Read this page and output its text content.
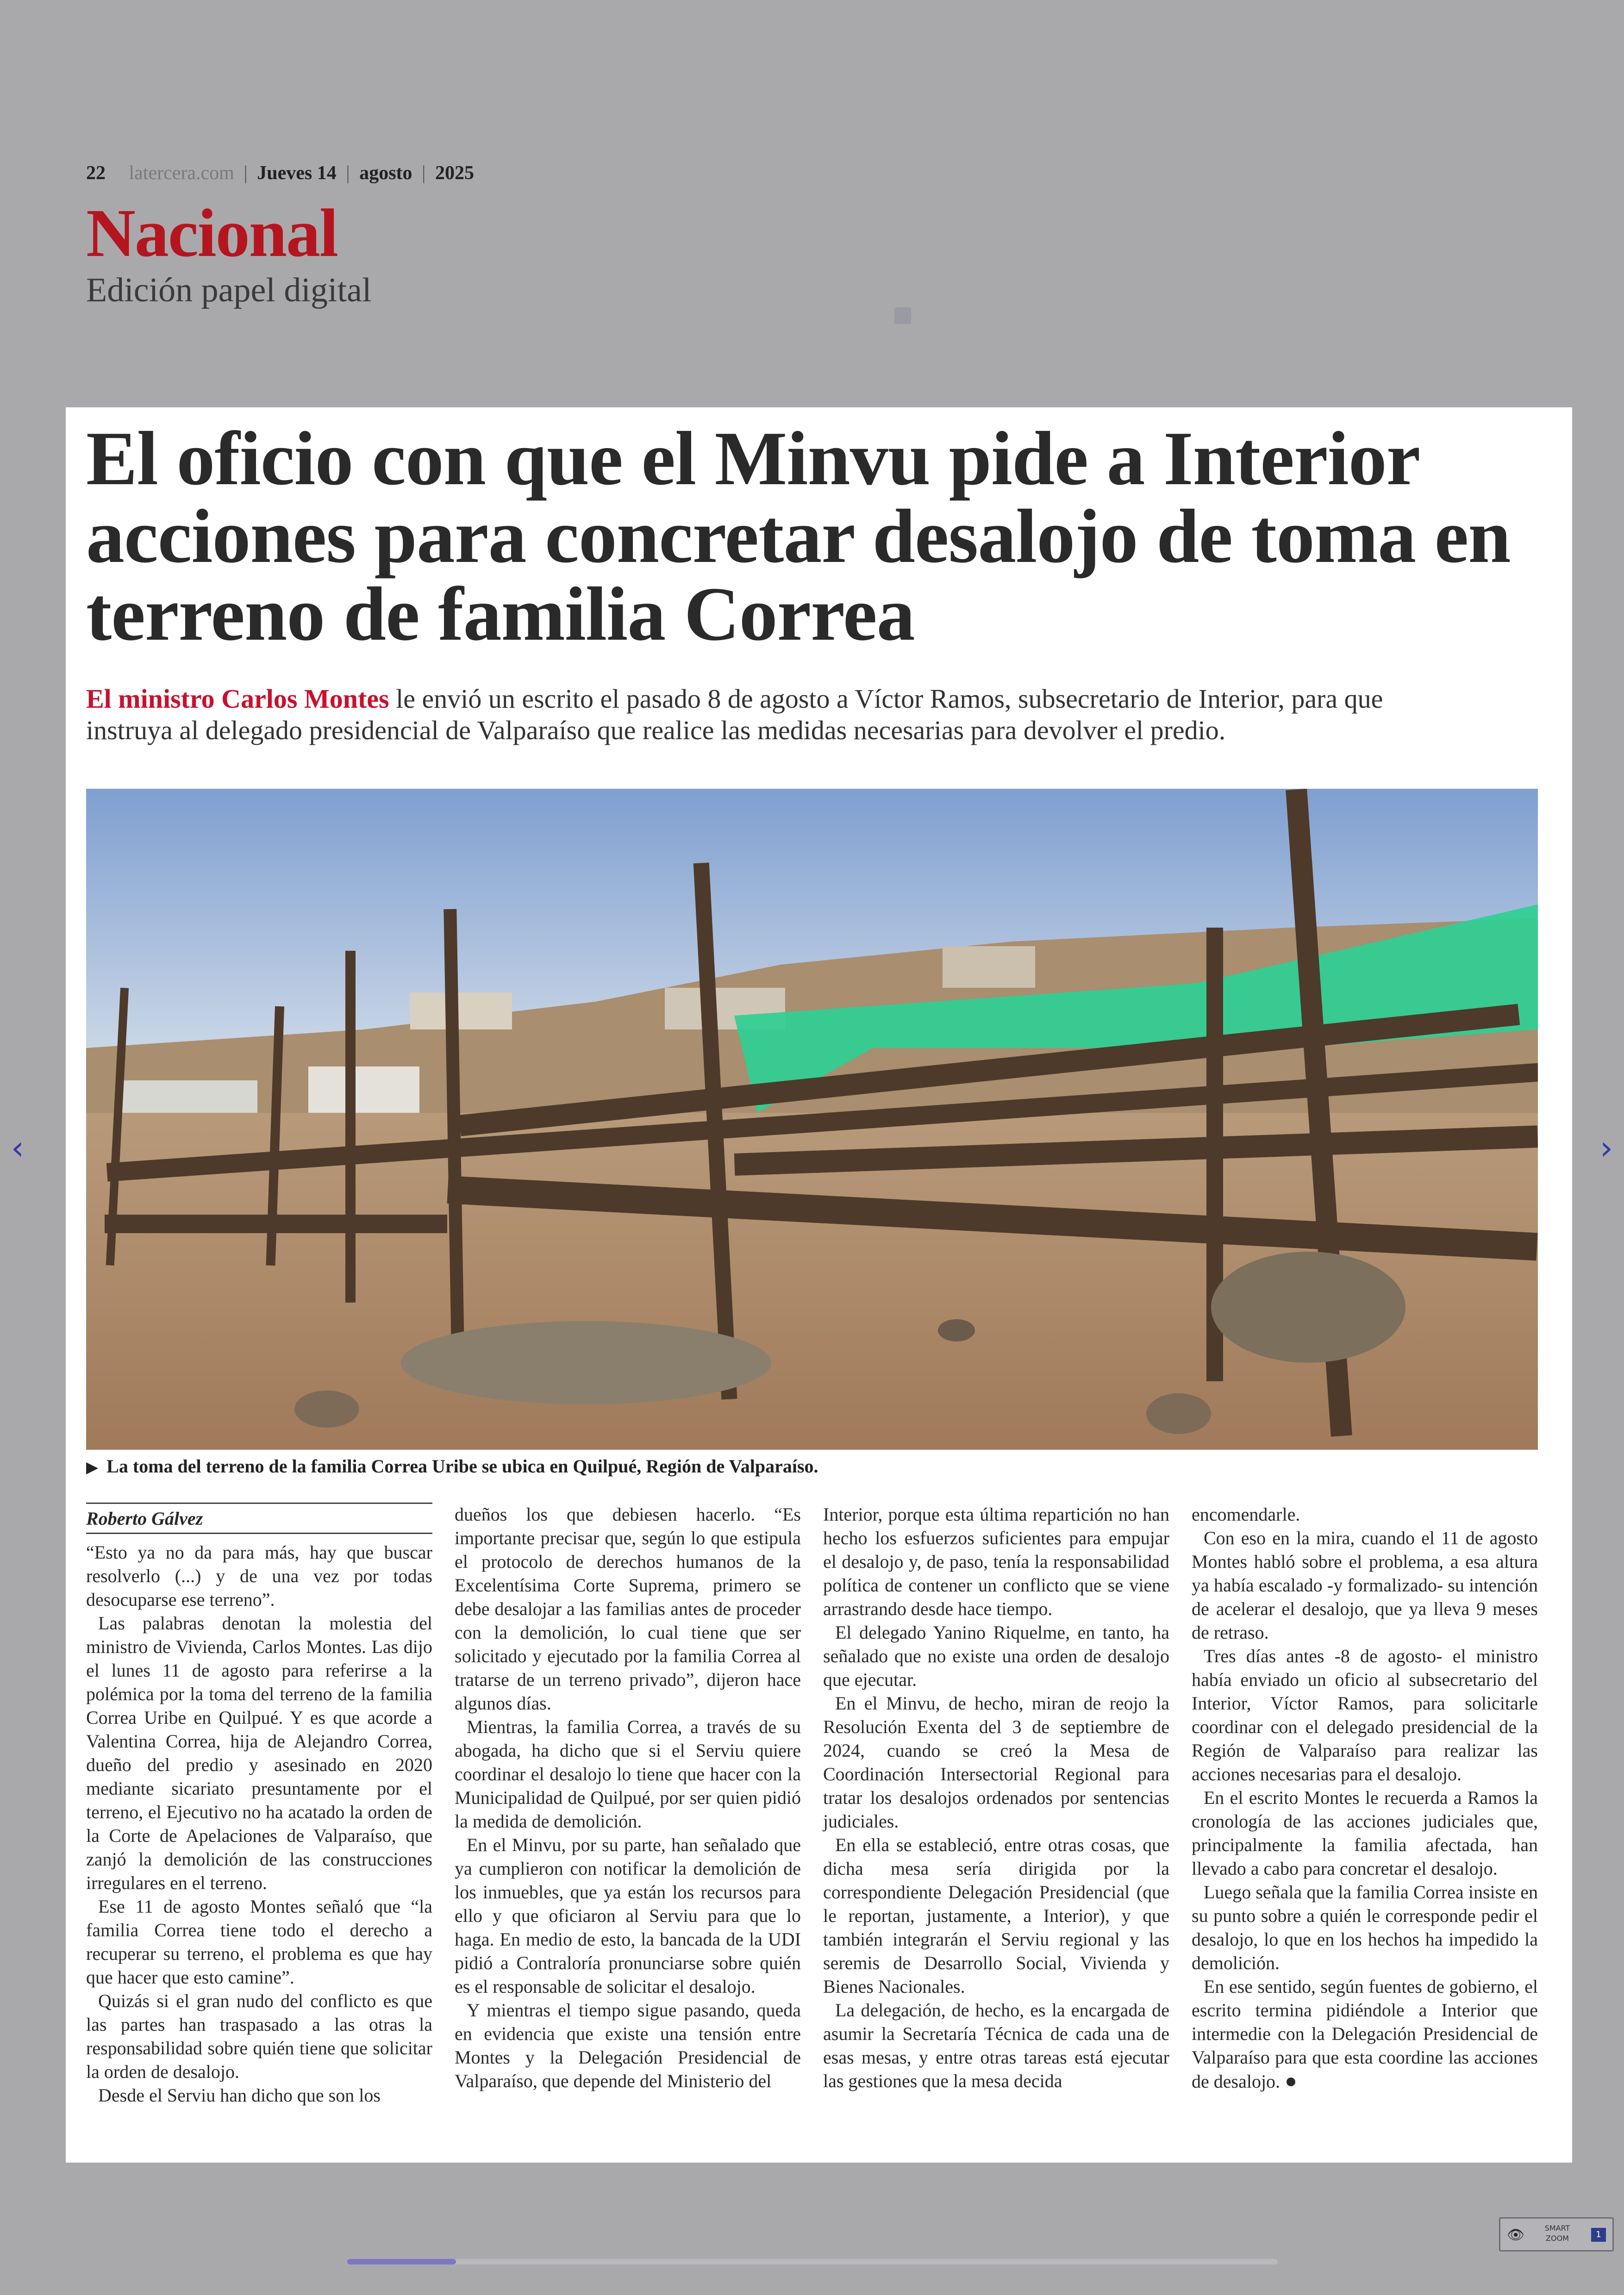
22 latercera.com | Jueves 14 | agosto | 2025
Nacional
Edición papel digital
El oficio con que el Minvu pide a Interior acciones para concretar desalojo de toma en terreno de familia Correa

El ministro Carlos Montes le envió un escrito el pasado 8 de agosto a Víctor Ramos, subsecretario de Interior, para que instruya al delegado presidencial de Valparaíso que realice las medidas necesarias para devolver el predio.

▶ La toma del terreno de la familia Correa Uribe se ubica en Quilpué, Región de Valparaíso.

Roberto Gálvez

“Esto ya no da para más, hay que buscar resolverlo (...) y de una vez por todas desocuparse ese terreno”.

Las palabras denotan la molestia del ministro de Vivienda, Carlos Montes. Las dijo el lunes 11 de agosto para referirse a la polémica por la toma del terreno de la familia Correa Uribe en Quilpué. Y es que acorde a Valentina Correa, hija de Alejandro Correa, dueño del predio y asesinado en 2020 mediante sicariato presuntamente por el terreno, el Ejecutivo no ha acatado la orden de la Corte de Apelaciones de Valparaíso, que zanjó la demolición de las construcciones irregulares en el terreno.

Ese 11 de agosto Montes señaló que “la familia Correa tiene todo el derecho a recuperar su terreno, el problema es que hay que hacer que esto camine”.

Quizás si el gran nudo del conflicto es que las partes han traspasado a las otras la responsabilidad sobre quién tiene que solicitar la orden de desalojo.

Desde el Serviu han dicho que son los

dueños los que debiesen hacerlo. “Es importante precisar que, según lo que estipula el protocolo de derechos humanos de la Excelentísima Corte Suprema, primero se debe desalojar a las familias antes de proceder con la demolición, lo cual tiene que ser solicitado y ejecutado por la familia Correa al tratarse de un terreno privado”, dijeron hace algunos días.

Mientras, la familia Correa, a través de su abogada, ha dicho que si el Serviu quiere coordinar el desalojo lo tiene que hacer con la Municipalidad de Quilpué, por ser quien pidió la medida de demolición.

En el Minvu, por su parte, han señalado que ya cumplieron con notificar la demolición de los inmuebles, que ya están los recursos para ello y que oficiaron al Serviu para que lo haga. En medio de esto, la bancada de la UDI pidió a Contraloría pronunciarse sobre quién es el responsable de solicitar el desalojo.

Y mientras el tiempo sigue pasando, queda en evidencia que existe una tensión entre Montes y la Delegación Presidencial de Valparaíso, que depende del Ministerio del

Interior, porque esta última repartición no han hecho los esfuerzos suficientes para empujar el desalojo y, de paso, tenía la responsabilidad política de contener un conflicto que se viene arrastrando desde hace tiempo.

El delegado Yanino Riquelme, en tanto, ha señalado que no existe una orden de desalojo que ejecutar.

En el Minvu, de hecho, miran de reojo la Resolución Exenta del 3 de septiembre de 2024, cuando se creó la Mesa de Coordinación Intersectorial Regional para tratar los desalojos ordenados por sentencias judiciales.

En ella se estableció, entre otras cosas, que dicha mesa sería dirigida por la correspondiente Delegación Presidencial (que le reportan, justamente, a Interior), y que también integrarán el Serviu regional y las seremis de Desarrollo Social, Vivienda y Bienes Nacionales.

La delegación, de hecho, es la encargada de asumir la Secretaría Técnica de cada una de esas mesas, y entre otras tareas está ejecutar las gestiones que la mesa decida

encomendarle.

Con eso en la mira, cuando el 11 de agosto Montes habló sobre el problema, a esa altura ya había escalado -y formalizado- su intención de acelerar el desalojo, que ya lleva 9 meses de retraso.

Tres días antes -8 de agosto- el ministro había enviado un oficio al subsecretario del Interior, Víctor Ramos, para solicitarle coordinar con el delegado presidencial de la Región de Valparaíso para realizar las acciones necesarias para el desalojo.

En el escrito Montes le recuerda a Ramos la cronología de las acciones judiciales que, principalmente la familia afectada, han llevado a cabo para concretar el desalojo.

Luego señala que la familia Correa insiste en su punto sobre a quién le corresponde pedir el desalojo, lo que en los hechos ha impedido la demolición.

En ese sentido, según fuentes de gobierno, el escrito termina pidiéndole a Interior que intermedie con la Delegación Presidencial de Valparaíso para que esta coordine las acciones de desalojo. ●

‹	›
👁	SMART ZOOM	1
